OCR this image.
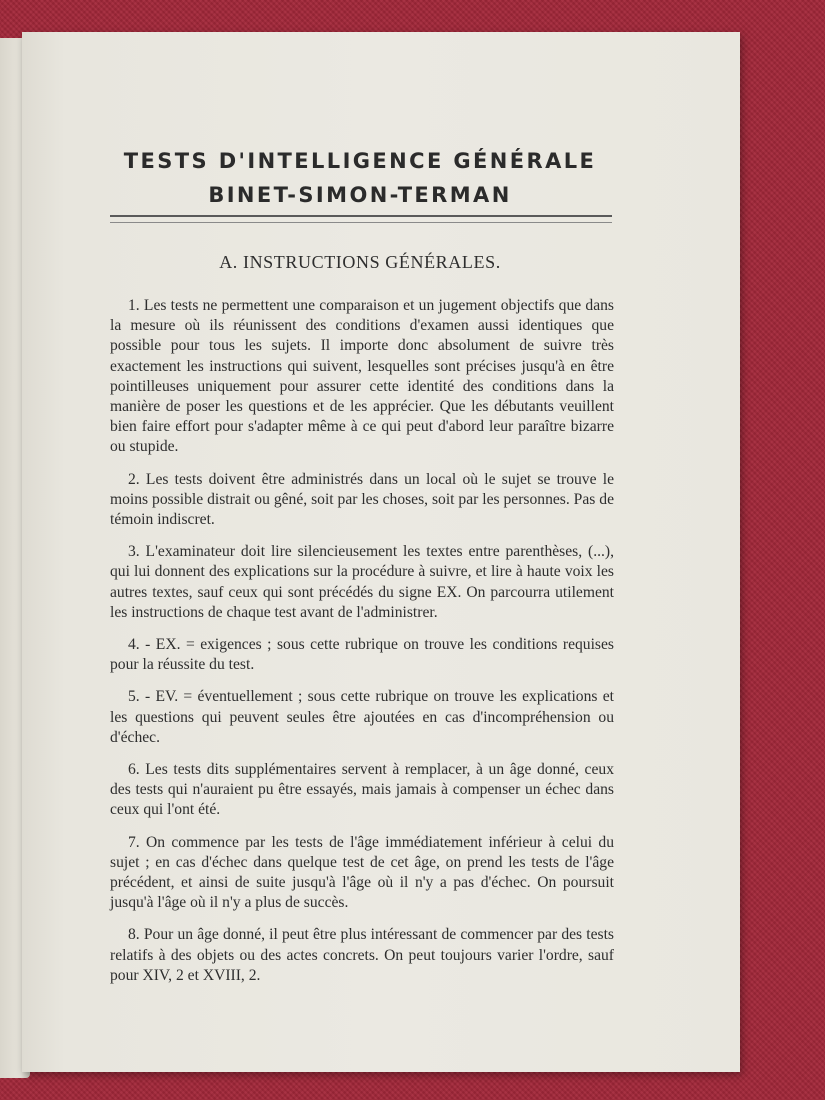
TESTS D'INTELLIGENCE GÉNÉRALE
BINET-SIMON-TERMAN
A. INSTRUCTIONS GÉNÉRALES.

1. Les tests ne permettent une comparaison et un jugement objectifs que dans la mesure où ils réunissent des conditions d'examen aussi identiques que possible pour tous les sujets. Il importe donc absolument de suivre très exactement les instructions qui suivent, lesquelles sont précises jusqu'à en être pointilleuses uniquement pour assurer cette identité des conditions dans la manière de poser les questions et de les apprécier. Que les débutants veuillent bien faire effort pour s'adapter même à ce qui peut d'abord leur paraître bizarre ou stupide.

2. Les tests doivent être administrés dans un local où le sujet se trouve le moins possible distrait ou gêné, soit par les choses, soit par les personnes. Pas de témoin indiscret.

3. L'examinateur doit lire silencieusement les textes entre parenthèses, (...), qui lui donnent des explications sur la procédure à suivre, et lire à haute voix les autres textes, sauf ceux qui sont précédés du signe EX. On parcourra utilement les instructions de chaque test avant de l'administrer.

4. - EX. = exigences ; sous cette rubrique on trouve les conditions requises pour la réussite du test.

5. - EV. = éventuellement ; sous cette rubrique on trouve les explications et les questions qui peuvent seules être ajoutées en cas d'incompréhension ou d'échec.

6. Les tests dits supplémentaires servent à remplacer, à un âge donné, ceux des tests qui n'auraient pu être essayés, mais jamais à compenser un échec dans ceux qui l'ont été.

7. On commence par les tests de l'âge immédiatement inférieur à celui du sujet ; en cas d'échec dans quelque test de cet âge, on prend les tests de l'âge précédent, et ainsi de suite jusqu'à l'âge où il n'y a pas d'échec. On poursuit jusqu'à l'âge où il n'y a plus de succès.

8. Pour un âge donné, il peut être plus intéressant de commencer par des tests relatifs à des objets ou des actes concrets. On peut toujours varier l'ordre, sauf pour XIV, 2 et XVIII, 2.
